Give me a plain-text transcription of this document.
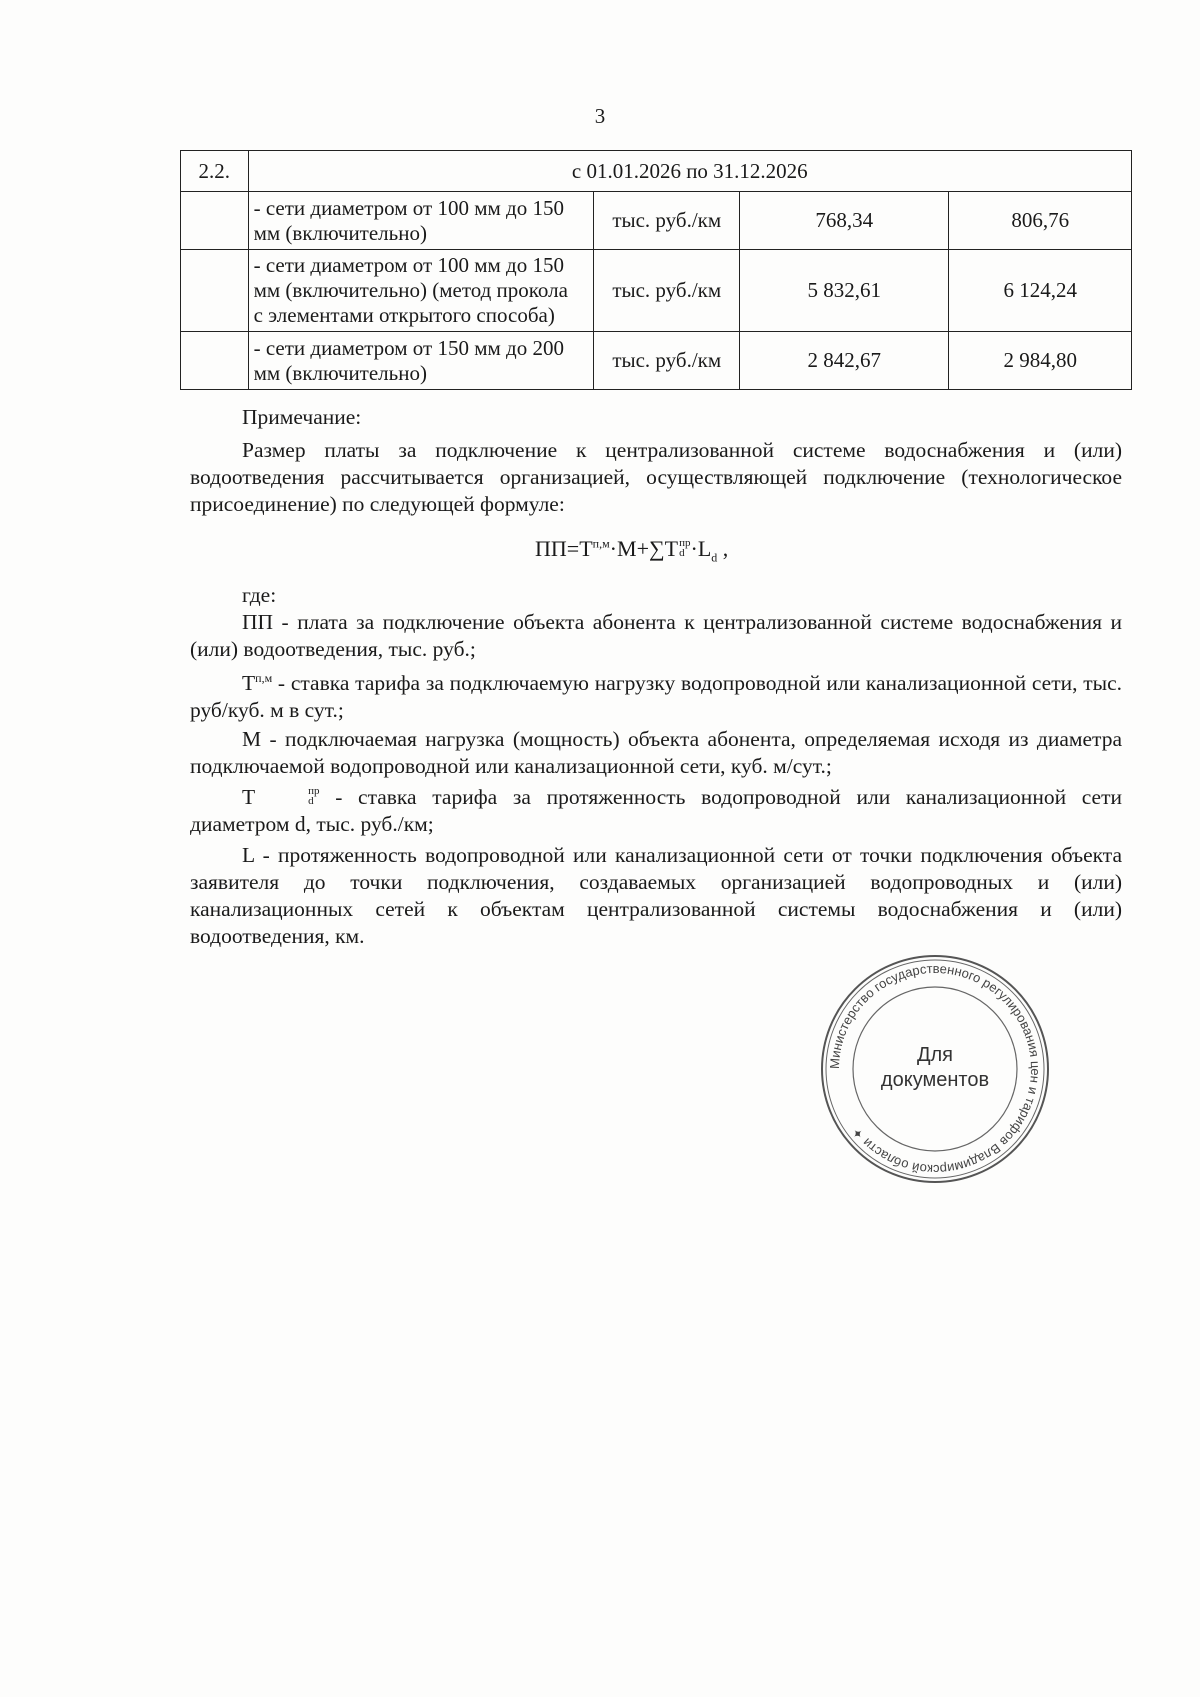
3
2.2.	с 01.01.2026 по 31.12.2026			

	- сети диаметром от 100 мм до 150
мм (включительно)	тыс. руб./км	768,34	806,76

	- сети диаметром от 100 мм до 150
мм (включительно) (метод прокола
с элементами открытого способа)	тыс. руб./км	5 832,61	6 124,24

	- сети диаметром от 150 мм до 200
мм (включительно)	тыс. руб./км	2 842,67	2 984,80

Примечание:

Размер платы за подключение к централизованной системе водоснабжения и (или) водоотведения рассчитывается организацией, осуществляющей подключение (технологическое присоединение) по следующей формуле:

$ПП=T^{п,м}\cdot М+\sum T$ пр
$d \cdot L_d$ ,

где:

ПП - плата за подключение объекта абонента к централизованной системе водоснабжения и (или) водоотведения, тыс. руб.;

$Т^{п,м}$ - ставка тарифа за подключаемую нагрузку водопроводной или канализационной сети, тыс. руб/куб. м в сут.;

М - подключаемая нагрузка (мощность) объекта абонента, определяемая исходя из диаметра подключаемой водопроводной или канализационной сети, куб. м/сут.;

Т	пр
d - ставка тарифа за протяженность водопроводной или канализационной сети диаметром d, тыс. руб./км;

L - протяженность водопроводной или канализационной сети от точки подключения объекта заявителя до точки подключения, создаваемых организацией водопроводных и (или) канализационных сетей к объектам централизованной системы водоснабжения и (или) водоотведения, км.

Министерство государственного регулирования цен и тарифов Владимирской области ✦
Для
документов
